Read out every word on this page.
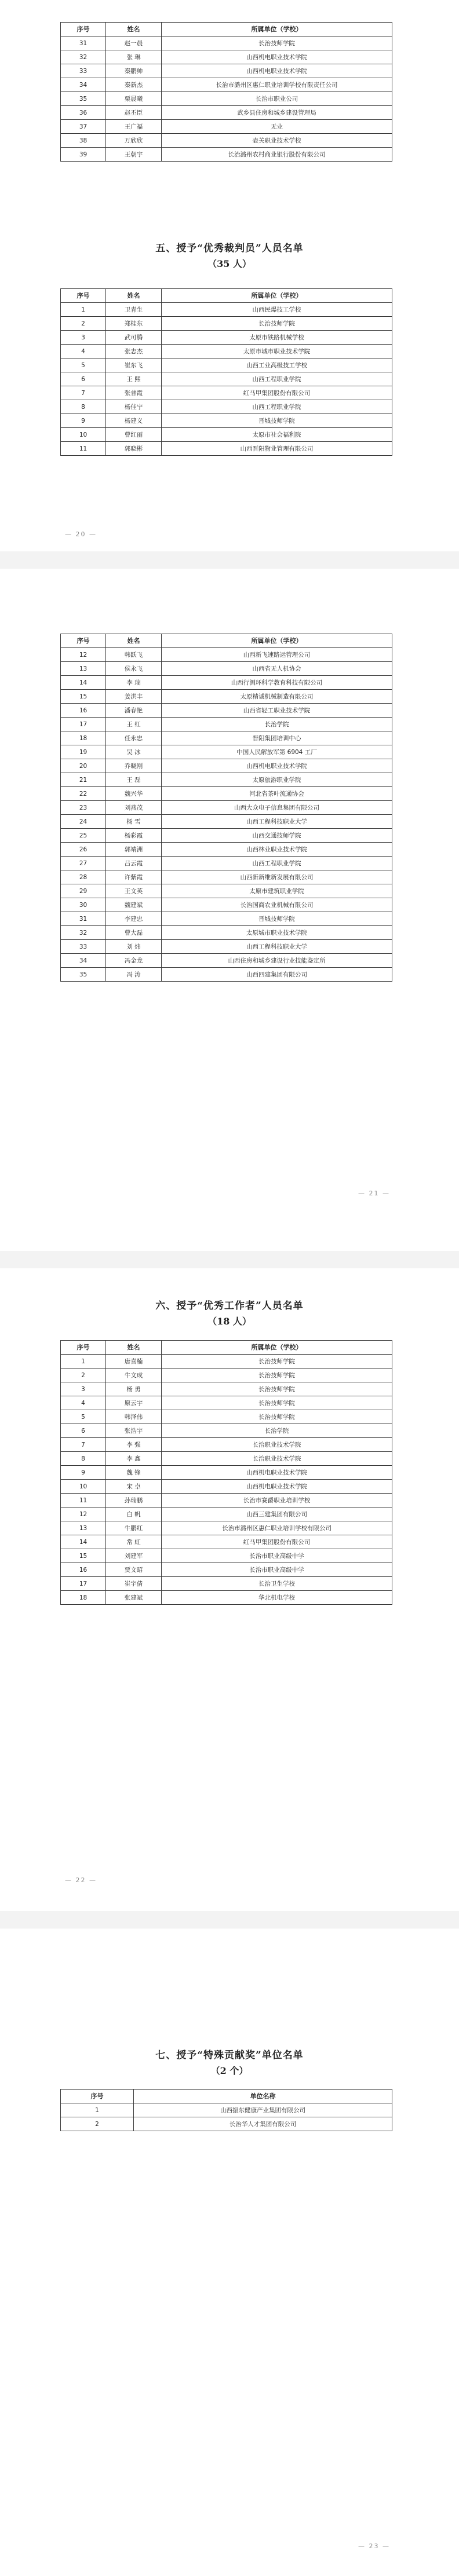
序号	姓名	所属单位（学校）
31	赵一晨	长治技师学院
32	张 琳	山西机电职业技术学院
33	秦鹏帅	山西机电职业技术学院
34	秦新杰	长治市潞州区惠仁职业培训学校有限责任公司
35	栗晨曦	长治市职业公司
36	赵丕臣	武乡县住房和城乡建设管理局
37	王广福	无业
38	万欣欣	壶关职业技术学校
39	王朝宇	长治潞州农村商业银行股份有限公司
五、授予“优秀裁判员”人员名单
（35 人）
序号	姓名	所属单位（学校）
1	卫青生	山西民爆技工学校
2	郑桂东	长治技师学院
3	武可腾	太原市铁路机械学校
4	张志杰	太原市城市职业技术学院
5	崔东飞	山西工业高级技工学校
6	王 熙	山西工程职业学院
7	张普霞	红马甲集团股份有限公司
8	杨佳宁	山西工程职业学院
9	杨建义	晋城技师学院
10	曹红丽	太原市社会福利院
11	郭晓彬	山西晋阳物业管理有限公司
— 20 —
序号	姓名	所属单位（学校）
12	韩跃飞	山西新飞速路运管理公司
13	侯永飞	山西省无人机协会
14	李 瑞	山西行测环科学教育科技有限公司
15	姜洪丰	太原精诚机械制造有限公司
16	潘春艳	山西省轻工职业技术学院
17	王 红	长治学院
18	任永忠	晋阳集团培训中心
19	吴 冰	中国人民解放军第 6904 工厂
20	乔晓刚	山西机电职业技术学院
21	王 磊	太原旅游职业学院
22	魏兴华	河北省茶叶流通协会
23	刘燕茂	山西大众电子信息集团有限公司
24	杨 雪	山西工程科技职业大学
25	杨彩霞	山西交通技师学院
26	郭靖洲	山西林业职业技术学院
27	吕云霞	山西工程职业学院
28	许紫霞	山西新新维新发展有限公司
29	王文英	太原市建筑职业学院
30	魏建斌	长治国商农业机械有限公司
31	李建忠	晋城技师学院
32	曹大磊	太原城市职业技术学院
33	刘 炜	山西工程科技职业大学
34	冯金龙	山西住房和城乡建设行业技能鉴定所
35	冯 涛	山西四建集团有限公司
— 21 —
六、授予“优秀工作者”人员名单
（18 人）
序号	姓名	所属单位（学校）
1	唐喜楠	长治技师学院
2	牛文成	长治技师学院
3	杨 勇	长治技师学院
4	原云宇	长治技师学院
5	韩泽伟	长治技师学院
6	张浩宇	长治学院
7	李 强	长治职业技术学院
8	李 鑫	长治职业技术学院
9	魏 锋	山西机电职业技术学院
10	宋 卓	山西机电职业技术学院
11	孙瑞鹏	长治市赛爵职业培训学校
12	白 帆	山西三建集团有限公司
13	牛鹏红	长治市潞州区惠仁职业培训学校有限公司
14	常 虹	红马甲集团股份有限公司
15	刘建军	长治市职业高级中学
16	贾文昭	长治市职业高级中学
17	崔宇倩	长治卫生学校
18	张建斌	华北机电学校
— 22 —
七、授予“特殊贡献奖”单位名单
（2 个）
序号	单位名称
1	山西振东健康产业集团有限公司
2	长治华人才集团有限公司
— 23 —
